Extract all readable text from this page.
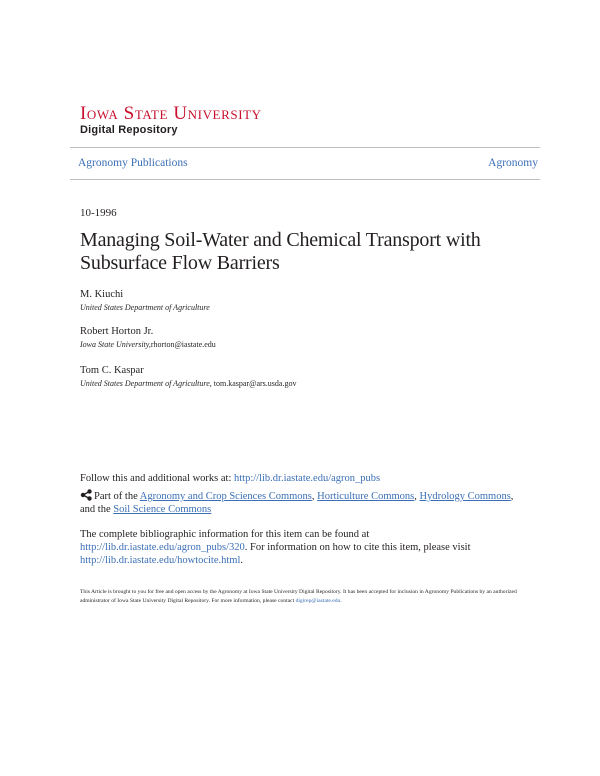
Iowa State University
Digital Repository
Agronomy Publications	Agronomy
10-1996
Managing Soil-Water and Chemical Transport with Subsurface Flow Barriers
M. Kiuchi
United States Department of Agriculture
Robert Horton Jr.
Iowa State University,rhorton@iastate.edu
Tom C. Kaspar
United States Department of Agriculture, tom.kaspar@ars.usda.gov
Follow this and additional works at: http://lib.dr.iastate.edu/agron_pubs
Part of the Agronomy and Crop Sciences Commons, Horticulture Commons, Hydrology Commons, and the Soil Science Commons
The complete bibliographic information for this item can be found at http://lib.dr.iastate.edu/agron_pubs/320. For information on how to cite this item, please visit http://lib.dr.iastate.edu/howtocite.html.
This Article is brought to you for free and open access by the Agronomy at Iowa State University Digital Repository. It has been accepted for inclusion in Agronomy Publications by an authorized administrator of Iowa State University Digital Repository. For more information, please contact digirep@iastate.edu.
